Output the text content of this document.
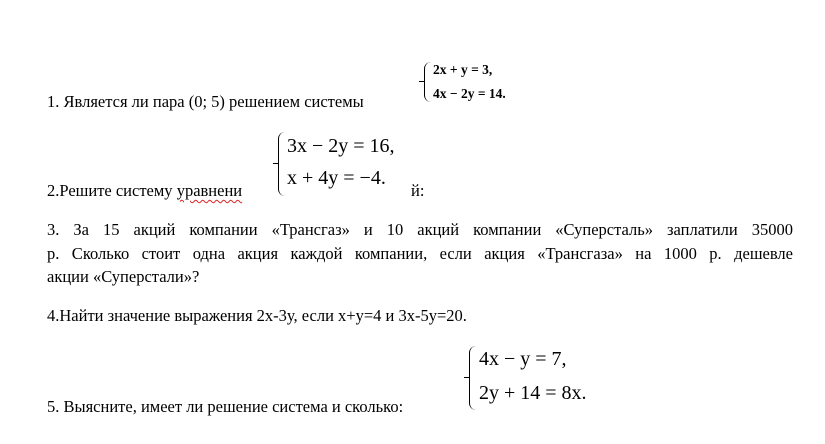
1. Является ли пара (0; 5) решением системы
2x + y = 3,
4x − 2y = 14.
2.Решите систему уравнени	й:
3x − 2y = 16,
x + 4y = −4.
3. За 15 акций компании «Трансгаз» и 10 акций компании «Суперсталь» заплатили 35000
р. Сколько стоит одна акция каждой компании, если акция «Трансгаза» на 1000 р. дешевле
акции «Суперстали»?
4.Найти значение выражения 2х-3у, если х+у=4 и 3х-5у=20.
5. Выясните, имеет ли решение система и сколько:
4x − y = 7,
2y + 14 = 8x.
